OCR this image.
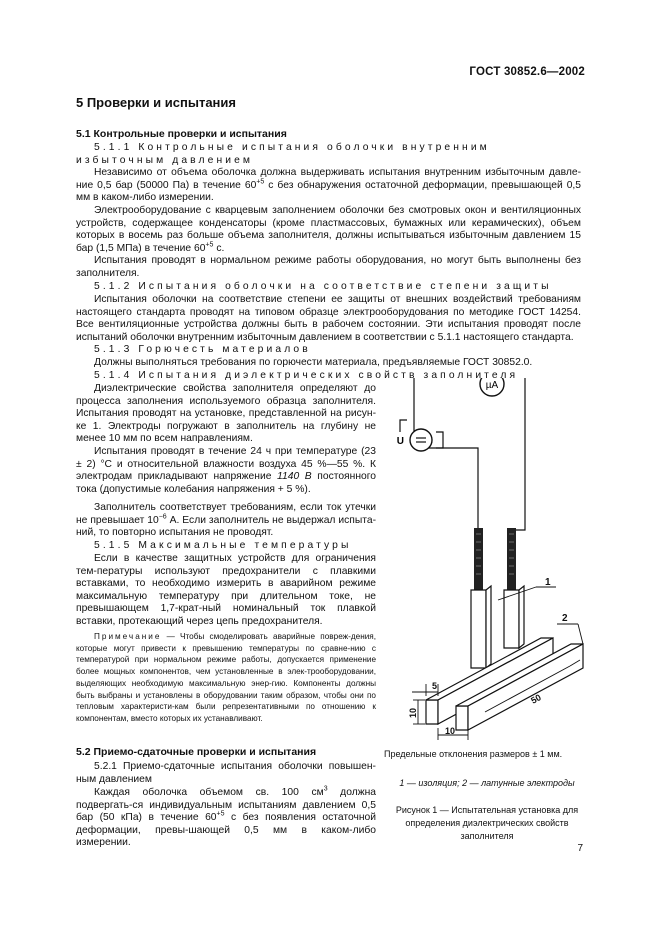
ГОСТ 30852.6—2002
5 Проверки и испытания
5.1 Контрольные проверки и испытания
5.1.1 Контрольные испытания оболочки внутренним избыточным давлением
Независимо от объема оболочка должна выдерживать испытания внутренним избыточным давле-ние 0,5 бар (50000 Па) в течение $60^{+5}$ с без обнаружения остаточной деформации, превышающей 0,5 мм в каком-либо измерении.
Электрооборудование с кварцевым заполнением оболочки без смотровых окон и вентиляционных устройств, содержащее конденсаторы (кроме пластмассовых, бумажных или керамических), объем которых в восемь раз больше объема заполнителя, должны испытываться избыточным давлением 15 бар (1,5 МПа) в течение $60^{+5}$ с.
Испытания проводят в нормальном режиме работы оборудования, но могут быть выполнены без заполнителя.
5.1.2 Испытания оболочки на соответствие степени защиты
Испытания оболочки на соответствие степени ее защиты от внешних воздействий требованиям настоящего стандарта проводят на типовом образце электрооборудования по методике ГОСТ 14254. Все вентиляционные устройства должны быть в рабочем состоянии. Эти испытания проводят после испытаний оболочки внутренним избыточным давлением в соответствии с 5.1.1 настоящего стандарта.
5.1.3 Горючесть материалов
Должны выполняться требования по горючести материала, предъявляемые ГОСТ 30852.0.
5.1.4 Испытания диэлектрических свойств заполнителя
Диэлектрические свойства заполнителя определяют до процесса заполнения используемого образца заполнителя. Испытания проводят на установке, представленной на рисун-ке 1. Электроды погружают в заполнитель на глубину не менее 10 мм по всем направлениям.
Испытания проводят в течение 24 ч при температуре (23 ± 2) °С и относительной влажности воздуха 45 %—55 %. К электродам прикладывают напряжение 1140 В постоянного тока (допустимые колебания напряжения + 5 %).
Заполнитель соответствует требованиям, если ток утечки не превышает $10^{-6}$ А. Если заполнитель не выдержал испыта-ний, то повторно испытания не проводят.
5.1.5 Максимальные температуры
Если в качестве защитных устройств для ограничения тем-пературы используют предохранители с плавкими вставками, то необходимо измерить в аварийном режиме максимальную температуру при длительном токе, не превышающем 1,7-крат-ный номинальный ток плавкой вставки, протекающий через цепь предохранителя.
Примечание — Чтобы смоделировать аварийные повреж-дения, которые могут привести к превышению температуры по сравне-нию с температурой при нормальном режиме работы, допускается применение более мощных компонентов, чем установленные в элек-трооборудовании, выделяющих необходимую максимальную энер-гию. Компоненты должны быть выбраны и установлены в оборудовании таким образом, чтобы они по тепловым характеристи-кам были репрезентативными по отношению к компонентам, вместо которых их устанавливают.
5.2 Приемо-сдаточные проверки и испытания
5.2.1 Приемо-сдаточные испытания оболочки повышен-ным давлением
Каждая оболочка объемом св. 100 $см^3$ должна подвергать-ся индивидуальным испытаниям давлением 0,5 бар (50 кПа) в течение $60^{+5}$ с без появления остаточной деформации, превы-шающей 0,5 мм в каком-либо измерении.
µA
U
1
2
5
10
10
50
Предельные отклонения размеров ± 1 мм.
1 — изоляция; 2 — латунные электроды
Рисунок 1 — Испытательная установка для определения диэлектрических свойств заполнителя
7
